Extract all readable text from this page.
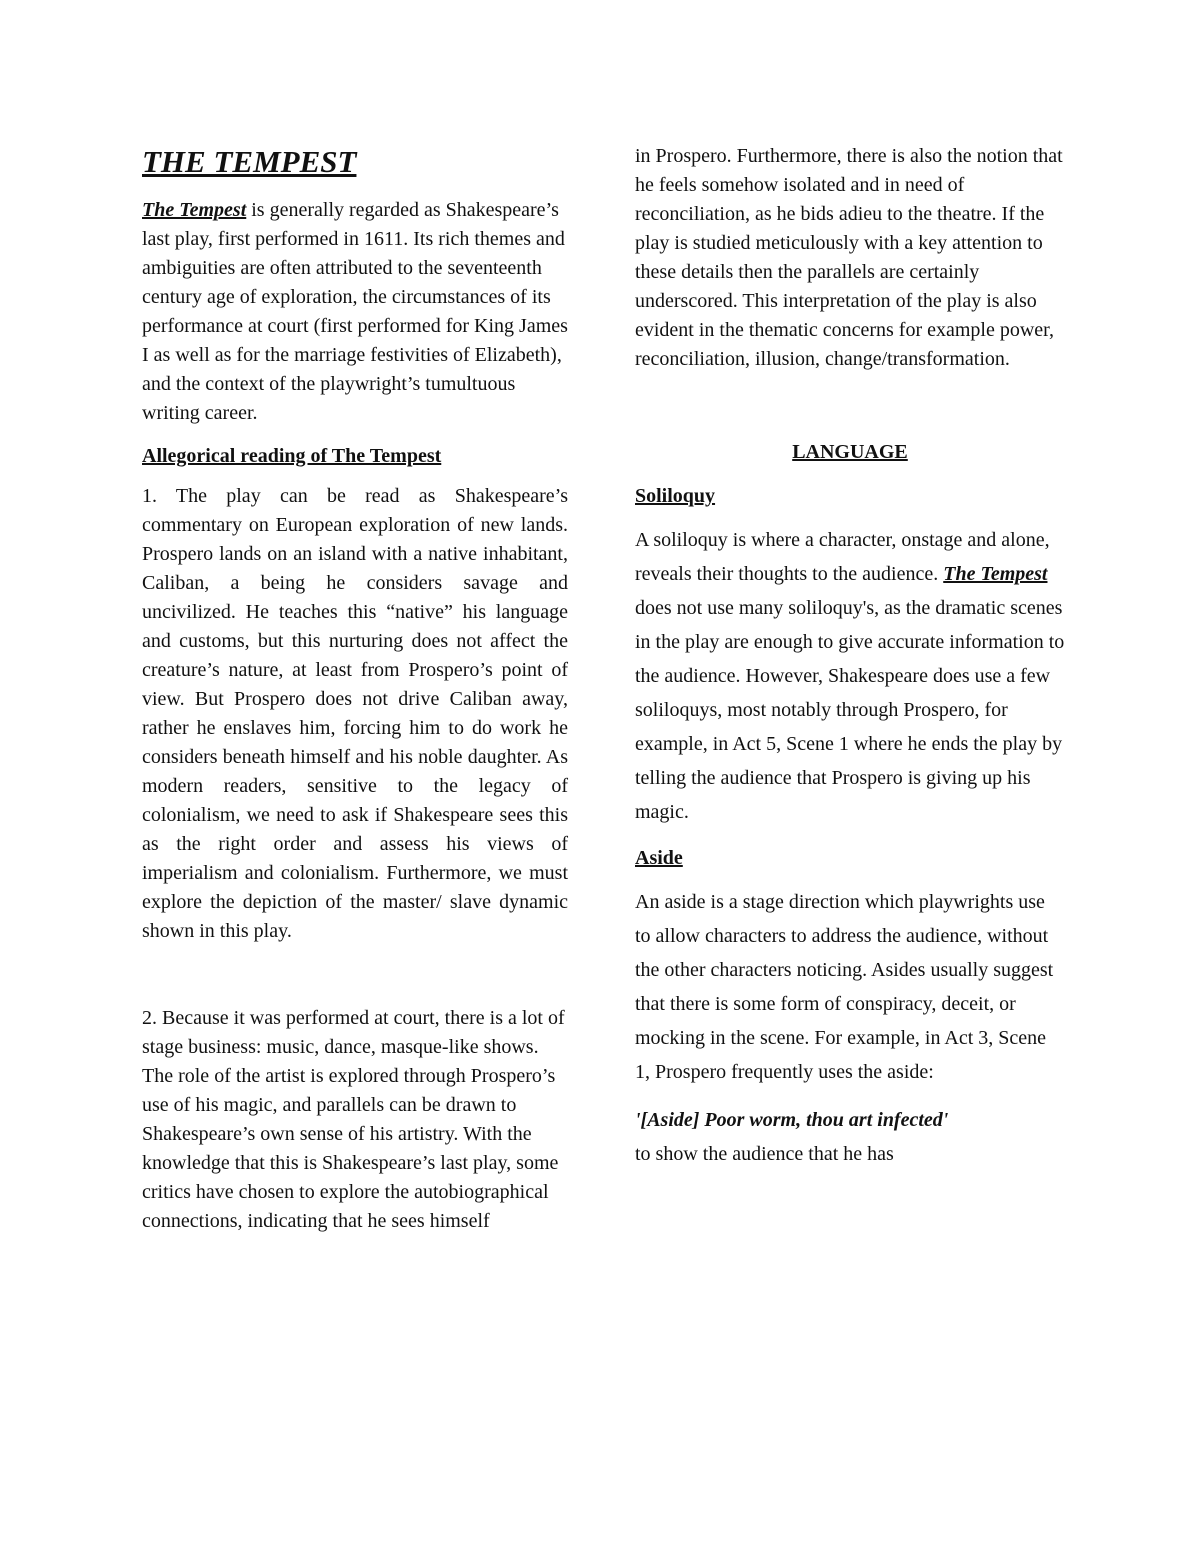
THE TEMPEST

The Tempest is generally regarded as Shakespeare’s last play, first performed in 1611. Its rich themes and ambiguities are often attributed to the seventeenth century age of exploration, the circumstances of its performance at court (first performed for King James I as well as for the marriage festivities of Elizabeth), and the context of the playwright’s tumultuous writing career.

Allegorical reading of The Tempest

1. The play can be read as Shakespeare’s commentary on European exploration of new lands. Prospero lands on an island with a native inhabitant, Caliban, a being he considers savage and uncivilized. He teaches this “native” his language and customs, but this nurturing does not affect the creature’s nature, at least from Prospero’s point of view. But Prospero does not drive Caliban away, rather he enslaves him, forcing him to do work he considers beneath himself and his noble daughter. As modern readers, sensitive to the legacy of colonialism, we need to ask if Shakespeare sees this as the right order and assess his views of imperialism and colonialism. Furthermore, we must explore the depiction of the master/ slave dynamic shown in this play.

2. Because it was performed at court, there is a lot of stage business: music, dance, masque-like shows. The role of the artist is explored through Prospero’s use of his magic, and parallels can be drawn to Shakespeare’s own sense of his artistry. With the knowledge that this is Shakespeare’s last play, some critics have chosen to explore the autobiographical connections, indicating that he sees himself

in Prospero. Furthermore, there is also the notion that he feels somehow isolated and in need of reconciliation, as he bids adieu to the theatre. If the play is studied meticulously with a key attention to these details then the parallels are certainly underscored. This interpretation of the play is also evident in the thematic concerns for example power, reconciliation, illusion, change/transformation.

LANGUAGE
Soliloquy

A soliloquy is where a character, onstage and alone, reveals their thoughts to the audience. The Tempest does not use many soliloquy's, as the dramatic scenes in the play are enough to give accurate information to the audience. However, Shakespeare does use a few soliloquys, most notably through Prospero, for example, in Act 5, Scene 1 where he ends the play by telling the audience that Prospero is giving up his magic.

Aside

An aside is a stage direction which playwrights use to allow characters to address the audience, without the other characters noticing. Asides usually suggest that there is some form of conspiracy, deceit, or mocking in the scene. For example, in Act 3, Scene 1, Prospero frequently uses the aside:

'[Aside] Poor worm, thou art infected'
to show the audience that he has
